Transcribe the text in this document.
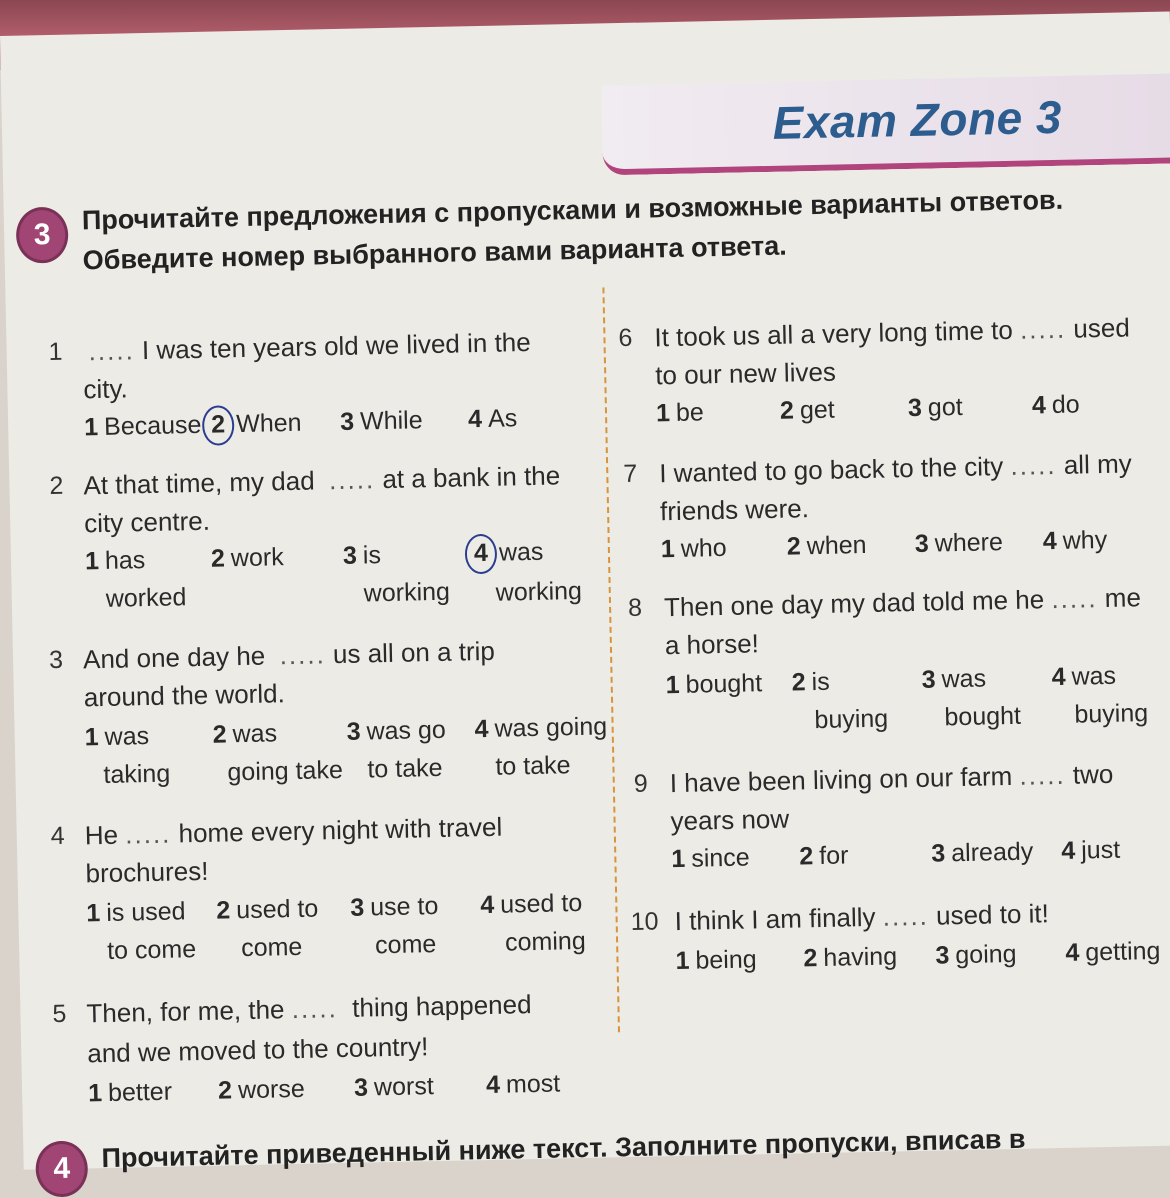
Exam Zone 3
3	Прочитайте предложения с пропусками и возможные варианты ответов. Обведите номер выбранного вами варианта ответа.
1 ..... I was ten years old we lived in the
city.
1 Because 2 When 3 While 4 As
2 At that time, my dad ..... at a bank in the
city centre.
1 has
worked
2 work 3 is
working
4 was
working
3 And one day he ..... us all on a trip
around the world.
1 was
taking
2 was
going take
3 was go
to take
4 was going
to take
4 He ..... home every night with travel
brochures!
1 is used
to come
2 used to
come
3 use to
come
4 used to
coming
5 Then, for me, the ..... thing happened
and we moved to the country!
1 better 2 worse 3 worst 4 most
6 It took us all a very long time to ..... used
to our new lives
1 be	2 get	3 got	4 do
7 I wanted to go back to the city ..... all my
friends were.
1 who 2 when 3 where 4 why
8 Then one day my dad told me he ..... me
a horse!
1 bought 2 is
buying
3 was
bought
4 was
buying
9 I have been living on our farm ..... two
years now
1 since 2 for	3 already 4 just
10 I think I am finally ..... used to it!
1 being 2 having 3 going 4 getting
4	Прочитайте приведенный ниже текст. Заполните пропуски, вписав в
